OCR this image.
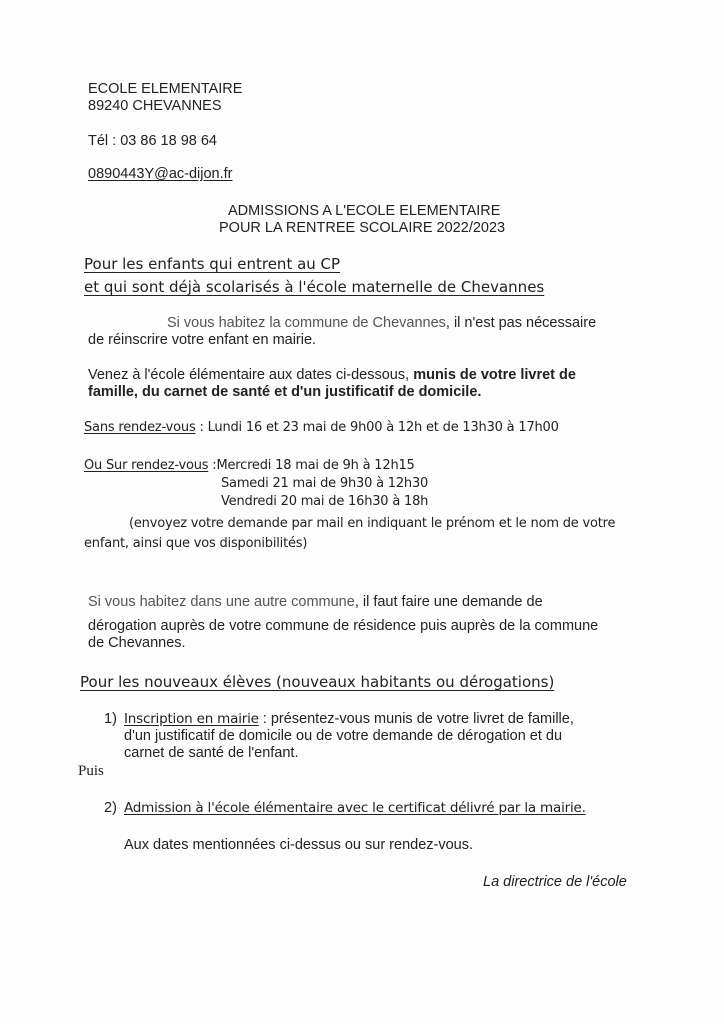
ECOLE ELEMENTAIRE
89240 CHEVANNES
Tél : 03 86 18 98 64
0890443Y@ac-dijon.fr
ADMISSIONS A L'ECOLE ELEMENTAIRE
POUR LA RENTREE SCOLAIRE 2022/2023
Pour les enfants qui entrent au CP
et qui sont déjà scolarisés à l'école maternelle de Chevannes
Si vous habitez la commune de Chevannes, il n'est pas nécessaire
de réinscrire votre enfant en mairie.
Venez à l'école élémentaire aux dates ci-dessous, munis de votre livret de
famille, du carnet de santé et d'un justificatif de domicile.
Sans rendez-vous : Lundi 16 et 23 mai de 9h00 à 12h et de 13h30 à 17h00
Ou Sur rendez-vous :Mercredi 18 mai de 9h à 12h15
Samedi 21 mai de 9h30 à 12h30
Vendredi 20 mai de 16h30 à 18h
(envoyez votre demande par mail en indiquant le prénom et le nom de votre
enfant, ainsi que vos disponibilités)
Si vous habitez dans une autre commune, il faut faire une demande de
dérogation auprès de votre commune de résidence puis auprès de la commune
de Chevannes.
Pour les nouveaux élèves (nouveaux habitants ou dérogations)
1) Inscription en mairie : présentez-vous munis de votre livret de famille,
d'un justificatif de domicile ou de votre demande de dérogation et du
carnet de santé de l'enfant.
Puis
2) Admission à l'école élémentaire avec le certificat délivré par la mairie.
Aux dates mentionnées ci-dessus ou sur rendez-vous.
La directrice de l'école
